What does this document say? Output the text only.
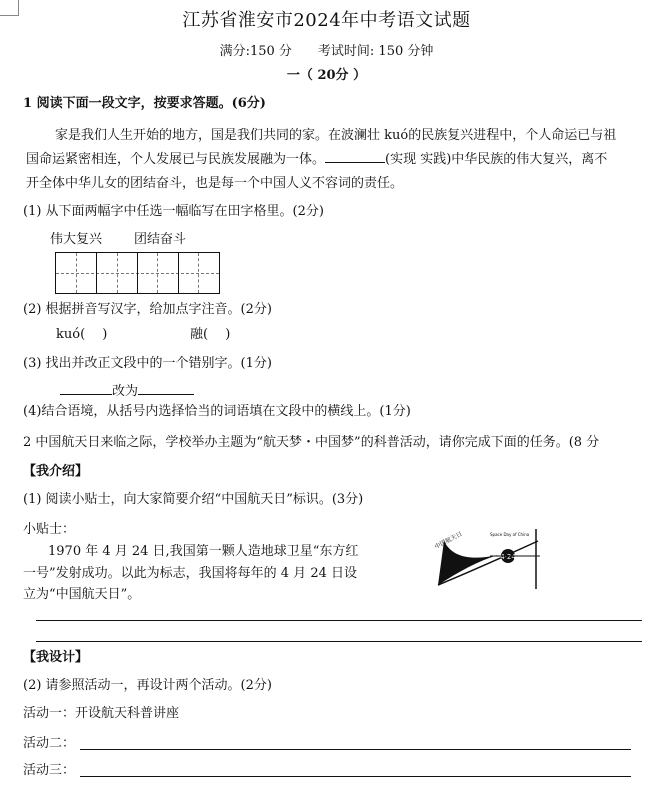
江苏省淮安市2024年中考语文试题
满分:150 分　　考试时间: 150 分钟
一（ 20分 ）
1 阅读下面一段文字，按要求答题。(6分)
家是我们人生开始的地方，国是我们共同的家。在波澜壮 kuó的民族复兴进程中，个人命运已与祖
国命运紧密相连，个人发展已与民族发展融为一体。	(实现 实践)中华民族的伟大复兴，离不
开全体中华儿女的团结奋斗，也是每一个中国人义不容词的责任。
(1) 从下面两幅字中任选一幅临写在田字格里。(2分)
伟大复兴 团结奋斗
(2) 根据拼音写汉字，给加点字注音。(2分)
kuó(　 )	融(　 )
(3) 找出并改正文段中的一个错别字。(1分)
改为
(4)结合语境，从括号内选择恰当的词语填在文段中的横线上。(1分)
2 中国航天日来临之际，学校举办主题为“航天梦・中国梦”的科普活动，请你完成下面的任务。(8 分
【我介绍】
(1) 阅读小贴士，向大家简要介绍“中国航天日”标识。(3分)
小贴士：
1970 年 4 月 24 日,我国第一颗人造地球卫星“东方红
一号”发射成功。以此为标志，我国将每年的 4 月 24 日设
立为“中国航天日”。
4·24
中国航天日	Space Day of China
【我设计】
(2) 请参照活动一，再设计两个活动。(2分)
活动一：开设航天科普讲座
活动二：
活动三：
